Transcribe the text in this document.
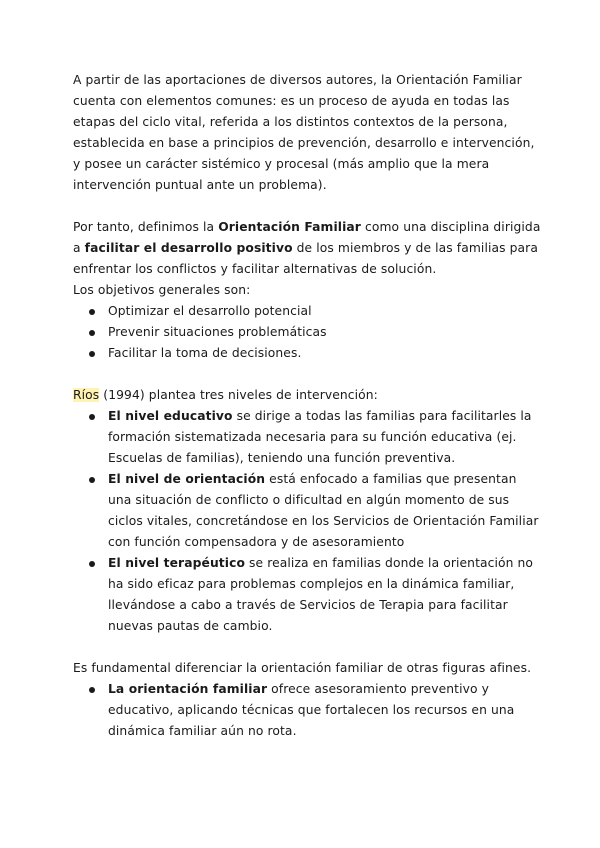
A partir de las aportaciones de diversos autores, la Orientación Familiar cuenta con elementos comunes: es un proceso de ayuda en todas las etapas del ciclo vital, referida a los distintos contextos de la persona, establecida en base a principios de prevención, desarrollo e intervención, y posee un carácter sistémico y procesal (más amplio que la mera intervención puntual ante un problema).

Por tanto, definimos la Orientación Familiar como una disciplina dirigida a facilitar el desarrollo positivo de los miembros y de las familias para enfrentar los conflictos y facilitar alternativas de solución.

Los objetivos generales son:

Optimizar el desarrollo potencial
Prevenir situaciones problemáticas
Facilitar la toma de decisiones.

Ríos (1994) plantea tres niveles de intervención:

El nivel educativo se dirige a todas las familias para facilitarles la formación sistematizada necesaria para su función educativa (ej. Escuelas de familias), teniendo una función preventiva.
El nivel de orientación está enfocado a familias que presentan una situación de conflicto o dificultad en algún momento de sus ciclos vitales, concretándose en los Servicios de Orientación Familiar con función compensadora y de asesoramiento
El nivel terapéutico se realiza en familias donde la orientación no ha sido eficaz para problemas complejos en la dinámica familiar, llevándose a cabo a través de Servicios de Terapia para facilitar nuevas pautas de cambio.

Es fundamental diferenciar la orientación familiar de otras figuras afines.

La orientación familiar ofrece asesoramiento preventivo y educativo, aplicando técnicas que fortalecen los recursos en una dinámica familiar aún no rota.
